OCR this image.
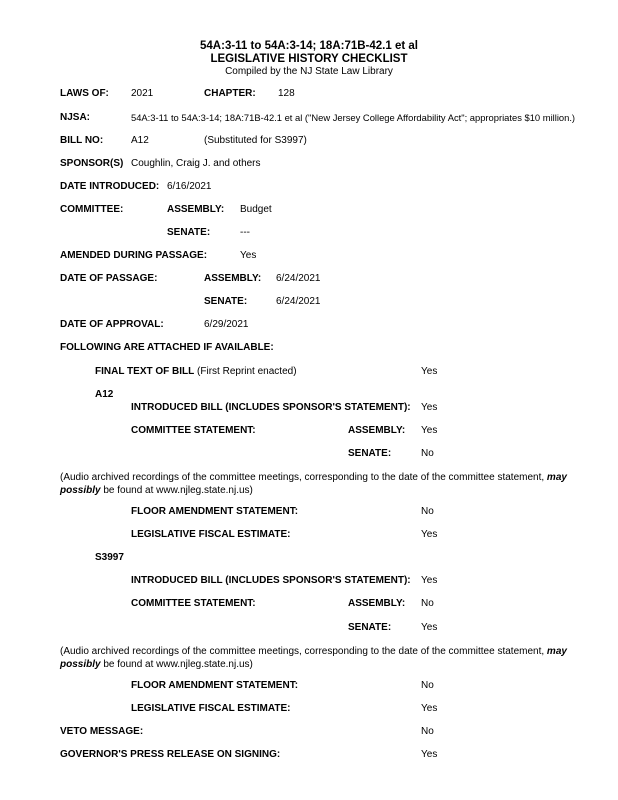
54A:3-11 to 54A:3-14; 18A:71B-42.1 et al
LEGISLATIVE HISTORY CHECKLIST
Compiled by the NJ State Law Library
LAWS OF: 2021	CHAPTER: 128
NJSA:	54A:3-11 to 54A:3-14; 18A:71B-42.1 et al ("New Jersey College Affordability Act"; appropriates $10 million.)
BILL NO:	A12	(Substituted for S3997)
SPONSOR(S) Coughlin, Craig J. and others
DATE INTRODUCED: 6/16/2021
COMMITTEE:	ASSEMBLY: Budget
SENATE:	---
AMENDED DURING PASSAGE:	Yes
DATE OF PASSAGE:	ASSEMBLY: 6/24/2021
SENATE:	6/24/2021
DATE OF APPROVAL:	6/29/2021
FOLLOWING ARE ATTACHED IF AVAILABLE:
FINAL TEXT OF BILL (First Reprint enacted)	Yes
A12
INTRODUCED BILL (INCLUDES SPONSOR'S STATEMENT): Yes
COMMITTEE STATEMENT:	ASSEMBLY: Yes
SENATE:	No
(Audio archived recordings of the committee meetings, corresponding to the date of the committee statement, may possibly be found at www.njleg.state.nj.us)
FLOOR AMENDMENT STATEMENT:	No
LEGISLATIVE FISCAL ESTIMATE:	Yes
S3997
INTRODUCED BILL (INCLUDES SPONSOR'S STATEMENT): Yes
COMMITTEE STATEMENT:	ASSEMBLY: No
SENATE:	Yes
(Audio archived recordings of the committee meetings, corresponding to the date of the committee statement, may possibly be found at www.njleg.state.nj.us)
FLOOR AMENDMENT STATEMENT:	No
LEGISLATIVE FISCAL ESTIMATE:	Yes
VETO MESSAGE:	No
GOVERNOR'S PRESS RELEASE ON SIGNING:	Yes
